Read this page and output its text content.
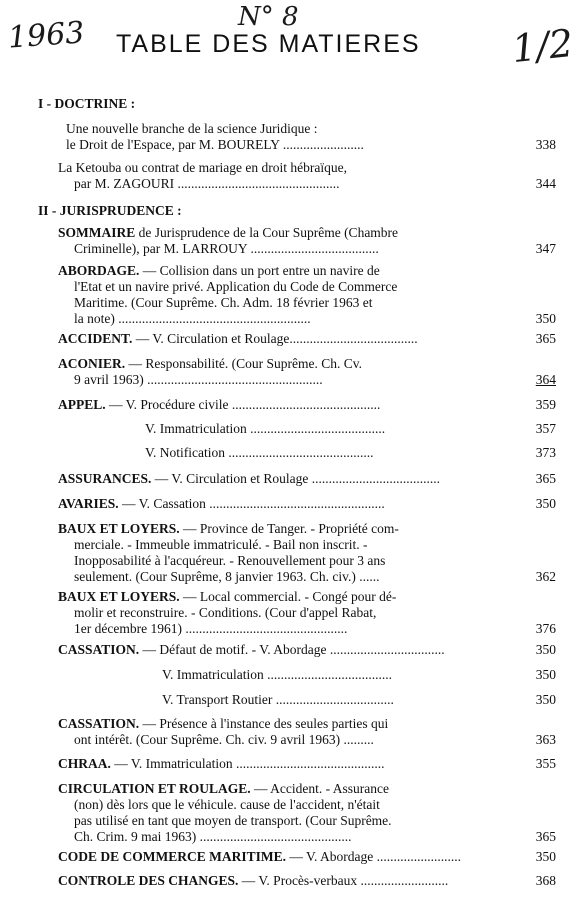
1963	N° 8
1/2
TABLE DES MATIERES
I - DOCTRINE :
II - JURISPRUDENCE :
Une nouvelle branche de la science Juridique :
le Droit de l'Espace, par M. BOURELY ........................	338
La Ketouba ou contrat de mariage en droit hébraïque,
par M. ZAGOURI ................................................	344
SOMMAIRE de Jurisprudence de la Cour Suprême (Chambre
Criminelle), par M. LARROUY ......................................	347
ABORDAGE. — Collision dans un port entre un navire de
l'Etat et un navire privé. Application du Code de Commerce
Maritime. (Cour Suprême. Ch. Adm. 18 février 1963 et
la note) .........................................................	350
ACCIDENT. — V. Circulation et Roulage......................................	365
ACONIER. — Responsabilité. (Cour Suprême. Ch. Cv.
9 avril 1963) ....................................................	364
APPEL. — V. Procédure civile ............................................	359
V. Immatriculation ........................................	357
V. Notification ...........................................	373
ASSURANCES. — V. Circulation et Roulage ......................................	365
AVARIES. — V. Cassation ....................................................	350
BAUX ET LOYERS. — Province de Tanger. - Propriété com-
merciale. - Immeuble immatriculé. - Bail non inscrit. -
Inopposabilité à l'acquéreur. - Renouvellement pour 3 ans
seulement. (Cour Suprême, 8 janvier 1963. Ch. civ.) ......	362
BAUX ET LOYERS. — Local commercial. - Congé pour dé-
molir et reconstruire. - Conditions. (Cour d'appel Rabat,
1er décembre 1961) ................................................	376
CASSATION. — Défaut de motif. - V. Abordage ..................................	350
V. Immatriculation .....................................	350
V. Transport Routier ...................................	350
CASSATION. — Présence à l'instance des seules parties qui
ont intérêt. (Cour Suprême. Ch. civ. 9 avril 1963) .........	363
CHRAA. — V. Immatriculation ............................................	355
CIRCULATION ET ROULAGE. — Accident. - Assurance
(non) dès lors que le véhicule. cause de l'accident, n'était
pas utilisé en tant que moyen de transport. (Cour Suprême.
Ch. Crim. 9 mai 1963) .............................................	365
CODE DE COMMERCE MARITIME. — V. Abordage .........................	350
CONTROLE DES CHANGES. — V. Procès-verbaux ..........................	368
